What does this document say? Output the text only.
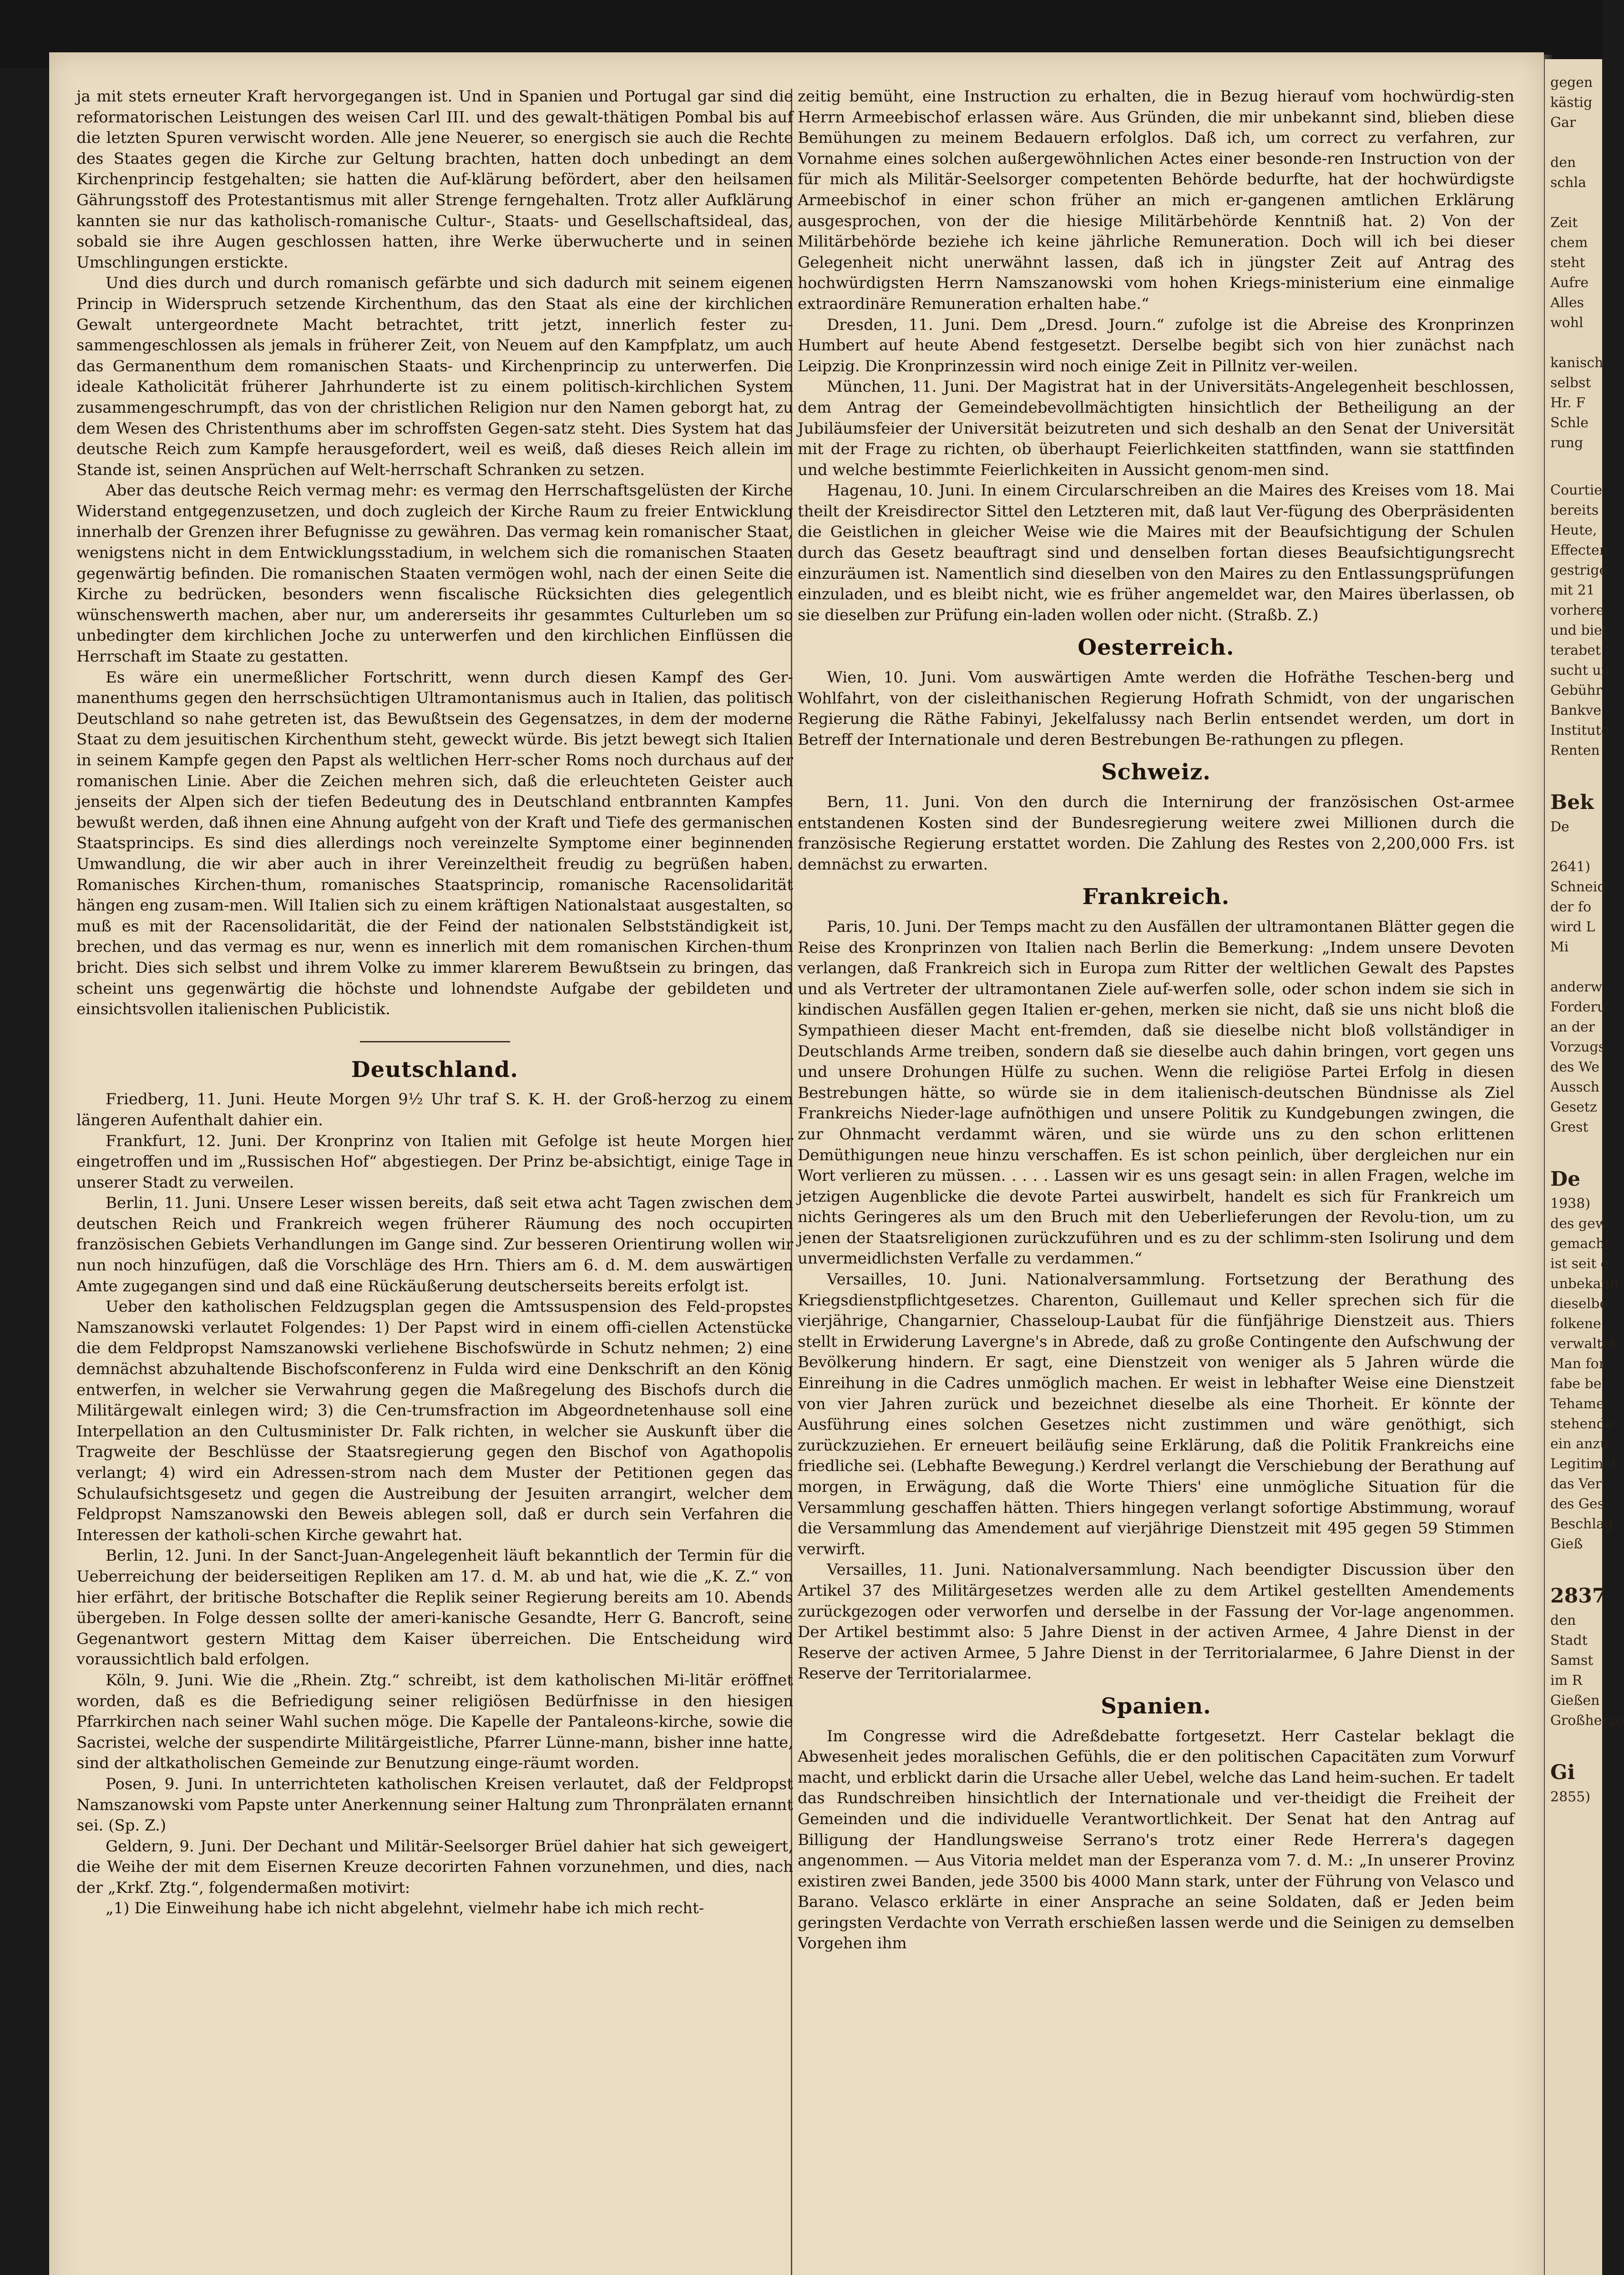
ja mit stets erneuter Kraft hervorgegangen ist. Und in Spanien und Portugal gar sind die reformatorischen Leistungen des weisen Carl III. und des gewalt-thätigen Pombal bis auf die letzten Spuren verwischt worden. Alle jene Neuerer, so energisch sie auch die Rechte des Staates gegen die Kirche zur Geltung brachten, hatten doch unbedingt an dem Kirchenprincip festgehalten; sie hatten die Auf-klärung befördert, aber den heilsamen Gährungsstoff des Protestantismus mit aller Strenge ferngehalten. Trotz aller Aufklärung kannten sie nur das katholisch-romanische Cultur-, Staats- und Gesellschaftsideal, das, sobald sie ihre Augen geschlossen hatten, ihre Werke überwucherte und in seinen Umschlingungen erstickte.

Und dies durch und durch romanisch gefärbte und sich dadurch mit seinem eigenen Princip in Widerspruch setzende Kirchenthum, das den Staat als eine der kirchlichen Gewalt untergeordnete Macht betrachtet, tritt jetzt, innerlich fester zu-sammengeschlossen als jemals in früherer Zeit, von Neuem auf den Kampfplatz, um auch das Germanenthum dem romanischen Staats- und Kirchenprincip zu unterwerfen. Die ideale Katholicität früherer Jahrhunderte ist zu einem politisch-kirchlichen System zusammengeschrumpft, das von der christlichen Religion nur den Namen geborgt hat, zu dem Wesen des Christenthums aber im schroffsten Gegen-satz steht. Dies System hat das deutsche Reich zum Kampfe herausgefordert, weil es weiß, daß dieses Reich allein im Stande ist, seinen Ansprüchen auf Welt-herrschaft Schranken zu setzen.

Aber das deutsche Reich vermag mehr: es vermag den Herrschaftsgelüsten der Kirche Widerstand entgegenzusetzen, und doch zugleich der Kirche Raum zu freier Entwicklung innerhalb der Grenzen ihrer Befugnisse zu gewähren. Das vermag kein romanischer Staat, wenigstens nicht in dem Entwicklungsstadium, in welchem sich die romanischen Staaten gegenwärtig befinden. Die romanischen Staaten vermögen wohl, nach der einen Seite die Kirche zu bedrücken, besonders wenn fiscalische Rücksichten dies gelegentlich wünschenswerth machen, aber nur, um andererseits ihr gesammtes Culturleben um so unbedingter dem kirchlichen Joche zu unterwerfen und den kirchlichen Einflüssen die Herrschaft im Staate zu gestatten.

Es wäre ein unermeßlicher Fortschritt, wenn durch diesen Kampf des Ger-manenthums gegen den herrschsüchtigen Ultramontanismus auch in Italien, das politisch Deutschland so nahe getreten ist, das Bewußtsein des Gegensatzes, in dem der moderne Staat zu dem jesuitischen Kirchenthum steht, geweckt würde. Bis jetzt bewegt sich Italien in seinem Kampfe gegen den Papst als weltlichen Herr-scher Roms noch durchaus auf der romanischen Linie. Aber die Zeichen mehren sich, daß die erleuchteten Geister auch jenseits der Alpen sich der tiefen Bedeutung des in Deutschland entbrannten Kampfes bewußt werden, daß ihnen eine Ahnung aufgeht von der Kraft und Tiefe des germanischen Staatsprincips. Es sind dies allerdings noch vereinzelte Symptome einer beginnenden Umwandlung, die wir aber auch in ihrer Vereinzeltheit freudig zu begrüßen haben. Romanisches Kirchen-thum, romanisches Staatsprincip, romanische Racensolidarität hängen eng zusam-men. Will Italien sich zu einem kräftigen Nationalstaat ausgestalten, so muß es mit der Racensolidarität, die der Feind der nationalen Selbstständigkeit ist, brechen, und das vermag es nur, wenn es innerlich mit dem romanischen Kirchen-thum bricht. Dies sich selbst und ihrem Volke zu immer klarerem Bewußtsein zu bringen, das scheint uns gegenwärtig die höchste und lohnendste Aufgabe der gebildeten und einsichtsvollen italienischen Publicistik.

Deutschland.

Friedberg, 11. Juni. Heute Morgen 9½ Uhr traf S. K. H. der Groß-herzog zu einem längeren Aufenthalt dahier ein.

Frankfurt, 12. Juni. Der Kronprinz von Italien mit Gefolge ist heute Morgen hier eingetroffen und im „Russischen Hof“ abgestiegen. Der Prinz be-absichtigt, einige Tage in unserer Stadt zu verweilen.

Berlin, 11. Juni. Unsere Leser wissen bereits, daß seit etwa acht Tagen zwischen dem deutschen Reich und Frankreich wegen früherer Räumung des noch occupirten französischen Gebiets Verhandlungen im Gange sind. Zur besseren Orientirung wollen wir nun noch hinzufügen, daß die Vorschläge des Hrn. Thiers am 6. d. M. dem auswärtigen Amte zugegangen sind und daß eine Rückäußerung deutscherseits bereits erfolgt ist.

Ueber den katholischen Feldzugsplan gegen die Amtssuspension des Feld-propstes Namszanowski verlautet Folgendes: 1) Der Papst wird in einem offi-ciellen Actenstücke die dem Feldpropst Namszanowski verliehene Bischofswürde in Schutz nehmen; 2) eine demnächst abzuhaltende Bischofsconferenz in Fulda wird eine Denkschrift an den König entwerfen, in welcher sie Verwahrung gegen die Maßregelung des Bischofs durch die Militärgewalt einlegen wird; 3) die Cen-trumsfraction im Abgeordnetenhause soll eine Interpellation an den Cultusminister Dr. Falk richten, in welcher sie Auskunft über die Tragweite der Beschlüsse der Staatsregierung gegen den Bischof von Agathopolis verlangt; 4) wird ein Adressen-strom nach dem Muster der Petitionen gegen das Schulaufsichtsgesetz und gegen die Austreibung der Jesuiten arrangirt, welcher dem Feldpropst Namszanowski den Beweis ablegen soll, daß er durch sein Verfahren die Interessen der katholi-schen Kirche gewahrt hat.

Berlin, 12. Juni. In der Sanct-Juan-Angelegenheit läuft bekanntlich der Termin für die Ueberreichung der beiderseitigen Repliken am 17. d. M. ab und hat, wie die „K. Z.“ von hier erfährt, der britische Botschafter die Replik seiner Regierung bereits am 10. Abends übergeben. In Folge dessen sollte der ameri-kanische Gesandte, Herr G. Bancroft, seine Gegenantwort gestern Mittag dem Kaiser überreichen. Die Entscheidung wird voraussichtlich bald erfolgen.

Köln, 9. Juni. Wie die „Rhein. Ztg.“ schreibt, ist dem katholischen Mi-litär eröffnet worden, daß es die Befriedigung seiner religiösen Bedürfnisse in den hiesigen Pfarrkirchen nach seiner Wahl suchen möge. Die Kapelle der Pantaleons-kirche, sowie die Sacristei, welche der suspendirte Militärgeistliche, Pfarrer Lünne-mann, bisher inne hatte, sind der altkatholischen Gemeinde zur Benutzung einge-räumt worden.

Posen, 9. Juni. In unterrichteten katholischen Kreisen verlautet, daß der Feldpropst Namszanowski vom Papste unter Anerkennung seiner Haltung zum Thronprälaten ernannt sei. (Sp. Z.)

Geldern, 9. Juni. Der Dechant und Militär-Seelsorger Brüel dahier hat sich geweigert, die Weihe der mit dem Eisernen Kreuze decorirten Fahnen vorzunehmen, und dies, nach der „Krkf. Ztg.“, folgendermaßen motivirt:

„1) Die Einweihung habe ich nicht abgelehnt, vielmehr habe ich mich recht-

zeitig bemüht, eine Instruction zu erhalten, die in Bezug hierauf vom hochwürdig-sten Herrn Armeebischof erlassen wäre. Aus Gründen, die mir unbekannt sind, blieben diese Bemühungen zu meinem Bedauern erfolglos. Daß ich, um correct zu verfahren, zur Vornahme eines solchen außergewöhnlichen Actes einer besonde-ren Instruction von der für mich als Militär-Seelsorger competenten Behörde bedurfte, hat der hochwürdigste Armeebischof in einer schon früher an mich er-gangenen amtlichen Erklärung ausgesprochen, von der die hiesige Militärbehörde Kenntniß hat. 2) Von der Militärbehörde beziehe ich keine jährliche Remuneration. Doch will ich bei dieser Gelegenheit nicht unerwähnt lassen, daß ich in jüngster Zeit auf Antrag des hochwürdigsten Herrn Namszanowski vom hohen Kriegs-ministerium eine einmalige extraordinäre Remuneration erhalten habe.“

Dresden, 11. Juni. Dem „Dresd. Journ.“ zufolge ist die Abreise des Kronprinzen Humbert auf heute Abend festgesetzt. Derselbe begibt sich von hier zunächst nach Leipzig. Die Kronprinzessin wird noch einige Zeit in Pillnitz ver-weilen.

München, 11. Juni. Der Magistrat hat in der Universitäts-Angelegenheit beschlossen, dem Antrag der Gemeindebevollmächtigten hinsichtlich der Betheiligung an der Jubiläumsfeier der Universität beizutreten und sich deshalb an den Senat der Universität mit der Frage zu richten, ob überhaupt Feierlichkeiten stattfinden, wann sie stattfinden und welche bestimmte Feierlichkeiten in Aussicht genom-men sind.

Hagenau, 10. Juni. In einem Circularschreiben an die Maires des Kreises vom 18. Mai theilt der Kreisdirector Sittel den Letzteren mit, daß laut Ver-fügung des Oberpräsidenten die Geistlichen in gleicher Weise wie die Maires mit der Beaufsichtigung der Schulen durch das Gesetz beauftragt sind und denselben fortan dieses Beaufsichtigungsrecht einzuräumen ist. Namentlich sind dieselben von den Maires zu den Entlassungsprüfungen einzuladen, und es bleibt nicht, wie es früher angemeldet war, den Maires überlassen, ob sie dieselben zur Prüfung ein-laden wollen oder nicht. (Straßb. Z.)

Oesterreich.

Wien, 10. Juni. Vom auswärtigen Amte werden die Hofräthe Teschen-berg und Wohlfahrt, von der cisleithanischen Regierung Hofrath Schmidt, von der ungarischen Regierung die Räthe Fabinyi, Jekelfalussy nach Berlin entsendet werden, um dort in Betreff der Internationale und deren Bestrebungen Be-rathungen zu pflegen.

Schweiz.

Bern, 11. Juni. Von den durch die Internirung der französischen Ost-armee entstandenen Kosten sind der Bundesregierung weitere zwei Millionen durch die französische Regierung erstattet worden. Die Zahlung des Restes von 2,200,000 Frs. ist demnächst zu erwarten.

Frankreich.

Paris, 10. Juni. Der Temps macht zu den Ausfällen der ultramontanen Blätter gegen die Reise des Kronprinzen von Italien nach Berlin die Bemerkung: „Indem unsere Devoten verlangen, daß Frankreich sich in Europa zum Ritter der weltlichen Gewalt des Papstes und als Vertreter der ultramontanen Ziele auf-werfen solle, oder schon indem sie sich in kindischen Ausfällen gegen Italien er-gehen, merken sie nicht, daß sie uns nicht bloß die Sympathieen dieser Macht ent-fremden, daß sie dieselbe nicht bloß vollständiger in Deutschlands Arme treiben, sondern daß sie dieselbe auch dahin bringen, vort gegen uns und unsere Drohungen Hülfe zu suchen. Wenn die religiöse Partei Erfolg in diesen Bestrebungen hätte, so würde sie in dem italienisch-deutschen Bündnisse als Ziel Frankreichs Nieder-lage aufnöthigen und unsere Politik zu Kundgebungen zwingen, die zur Ohnmacht verdammt wären, und sie würde uns zu den schon erlittenen Demüthigungen neue hinzu verschaffen. Es ist schon peinlich, über dergleichen nur ein Wort verlieren zu müssen. . . . . Lassen wir es uns gesagt sein: in allen Fragen, welche im jetzigen Augenblicke die devote Partei auswirbelt, handelt es sich für Frankreich um nichts Geringeres als um den Bruch mit den Ueberlieferungen der Revolu-tion, um zu jenen der Staatsreligionen zurückzuführen und es zu der schlimm-sten Isolirung und dem unvermeidlichsten Verfalle zu verdammen.“

Versailles, 10. Juni. Nationalversammlung. Fortsetzung der Berathung des Kriegsdienstpflichtgesetzes. Charenton, Guillemaut und Keller sprechen sich für die vierjährige, Changarnier, Chasseloup-Laubat für die fünfjährige Dienstzeit aus. Thiers stellt in Erwiderung Lavergne's in Abrede, daß zu große Contingente den Aufschwung der Bevölkerung hindern. Er sagt, eine Dienstzeit von weniger als 5 Jahren würde die Einreihung in die Cadres unmöglich machen. Er weist in lebhafter Weise eine Dienstzeit von vier Jahren zurück und bezeichnet dieselbe als eine Thorheit. Er könnte der Ausführung eines solchen Gesetzes nicht zustimmen und wäre genöthigt, sich zurückzuziehen. Er erneuert beiläufig seine Erklärung, daß die Politik Frankreichs eine friedliche sei. (Lebhafte Bewegung.) Kerdrel verlangt die Verschiebung der Berathung auf morgen, in Erwägung, daß die Worte Thiers' eine unmögliche Situation für die Versammlung geschaffen hätten. Thiers hingegen verlangt sofortige Abstimmung, worauf die Versammlung das Amendement auf vierjährige Dienstzeit mit 495 gegen 59 Stimmen verwirft.

Versailles, 11. Juni. Nationalversammlung. Nach beendigter Discussion über den Artikel 37 des Militärgesetzes werden alle zu dem Artikel gestellten Amendements zurückgezogen oder verworfen und derselbe in der Fassung der Vor-lage angenommen. Der Artikel bestimmt also: 5 Jahre Dienst in der activen Armee, 4 Jahre Dienst in der Reserve der activen Armee, 5 Jahre Dienst in der Territorialarmee, 6 Jahre Dienst in der Reserve der Territorialarmee.

Spanien.

Im Congresse wird die Adreßdebatte fortgesetzt. Herr Castelar beklagt die Abwesenheit jedes moralischen Gefühls, die er den politischen Capacitäten zum Vorwurf macht, und erblickt darin die Ursache aller Uebel, welche das Land heim-suchen. Er tadelt das Rundschreiben hinsichtlich der Internationale und ver-theidigt die Freiheit der Gemeinden und die individuelle Verantwortlichkeit. Der Senat hat den Antrag auf Billigung der Handlungsweise Serrano's trotz einer Rede Herrera's dagegen angenommen. — Aus Vitoria meldet man der Esperanza vom 7. d. M.: „In unserer Provinz existiren zwei Banden, jede 3500 bis 4000 Mann stark, unter der Führung von Velasco und Barano. Velasco erklärte in einer Ansprache an seine Soldaten, daß er Jeden beim geringsten Verdachte von Verrath erschießen lassen werde und die Seinigen zu demselben Vorgehen ihm

gegen
kästig
Gar

den
schla

Zeit
chem
steht
Aufre
Alles
wohl

kanisch
selbst
Hr. F
Schle
rung
Courtie
bereits
Heute,
Effecten
gestrige
mit 21
vorhere
und biet
terabet
sucht un
Gebühr
Bankve
Institute
Renten
Bek
De

2641)
Schneid
der fo
wird L
Mi

anderw
Forderu
an der
Vorzugs
des We
Aussch
Gesetz
Grest
De
1938)
des gew
gemacht
ist seit e
unbekann
dieselbe
folkene
verwaltet
Man for
fabe be
Tehame
stehende
ein anzu
Legitimat
das Ver
des Ges
Beschlag
Gieß
2837
den
Stadt
Samst
im R
Gießen
Großherzo
Gi
2855)
